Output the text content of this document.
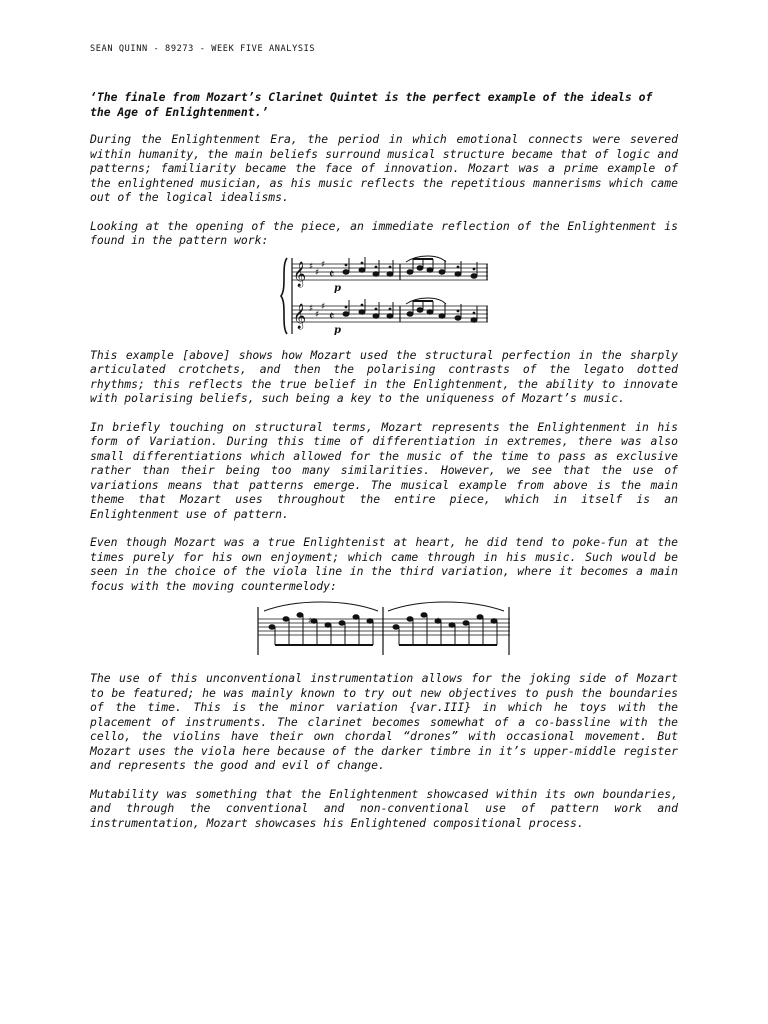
SEAN QUINN - 89273 - WEEK FIVE ANALYSIS
‘The finale from Mozart’s Clarinet Quintet is the perfect example of the ideals of the Age of Enlightenment.’

During the Enlightenment Era, the period in which emotional connects were severed within humanity, the main beliefs surround musical structure became that of logic and patterns; familiarity became the face of innovation. Mozart was a prime example of the enlightened musician, as his music reflects the repetitious mannerisms which came out of the logical idealisms.

Looking at the opening of the piece, an immediate reflection of the Enlightenment is found in the pattern work:

𝄞
𝄞
♯
♯
♯
♯
♯
♯
𝄵
𝄵
p
p

This example [above] shows how Mozart used the structural perfection in the sharply articulated crotchets, and then the polarising contrasts of the legato dotted rhythms; this reflects the true belief in the Enlightenment, the ability to innovate with polarising beliefs, such being a key to the uniqueness of Mozart’s music.

In briefly touching on structural terms, Mozart represents the Enlightenment in his form of Variation. During this time of differentiation in extremes, there was also small differentiations which allowed for the music of the time to pass as exclusive rather than their being too many similarities. However, we see that the use of variations means that patterns emerge. The musical example from above is the main theme that Mozart uses throughout the entire piece, which in itself is an Enlightenment use of pattern.

Even though Mozart was a true Enlightenist at heart, he did tend to poke-fun at the times purely for his own enjoyment; which came through in his music. Such would be seen in the choice of the viola line in the third variation, where it becomes a main focus with the moving countermelody:

♯	♯

The use of this unconventional instrumentation allows for the joking side of Mozart to be featured; he was mainly known to try out new objectives to push the boundaries of the time. This is the minor variation {var.III} in which he toys with the placement of instruments. The clarinet becomes somewhat of a co-bassline with the cello, the violins have their own chordal “drones” with occasional movement. But Mozart uses the viola here because of the darker timbre in it’s upper-middle register and represents the good and evil of change.

Mutability was something that the Enlightenment showcased within its own boundaries, and through the conventional and non-conventional use of pattern work and instrumentation, Mozart showcases his Enlightened compositional process.
